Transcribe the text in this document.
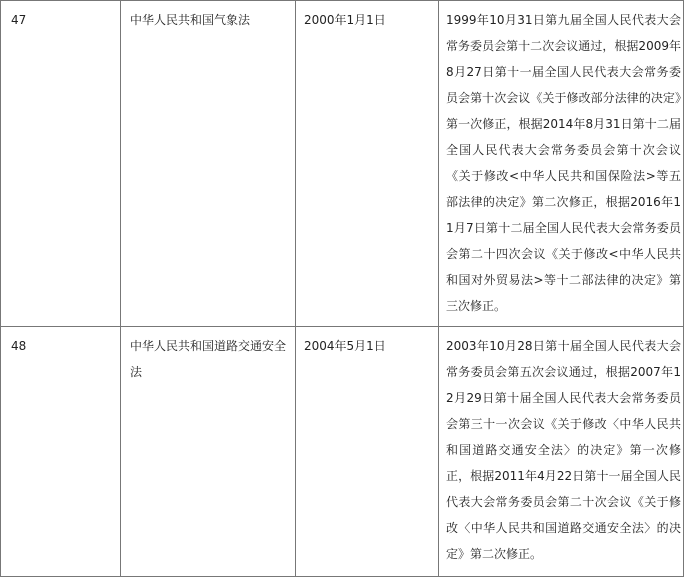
47	中华人民共和国气象法	2000年1月1日	1999年10月31日第九届全国人民代表大会常务委员会第十二次会议通过，根据2009年8月27日第十一届全国人民代表大会常务委员会第十次会议《关于修改部分法律的决定》第一次修正，根据2014年8月31日第十二届全国人民代表大会常务委员会第十次会议《关于修改<中华人民共和国保险法>等五部法律的决定》第二次修正，根据2016年11月7日第十二届全国人民代表大会常务委员会第二十四次会议《关于修改<中华人民共和国对外贸易法>等十二部法律的决定》第三次修正。
48	中华人民共和国道路交通安全法	2004年5月1日	2003年10月28日第十届全国人民代表大会常务委员会第五次会议通过，根据2007年12月29日第十届全国人民代表大会常务委员会第三十一次会议《关于修改〈中华人民共和国道路交通安全法〉的决定》第一次修正，根据2011年4月22日第十一届全国人民代表大会常务委员会第二十次会议《关于修改〈中华人民共和国道路交通安全法〉的决定》第二次修正。
